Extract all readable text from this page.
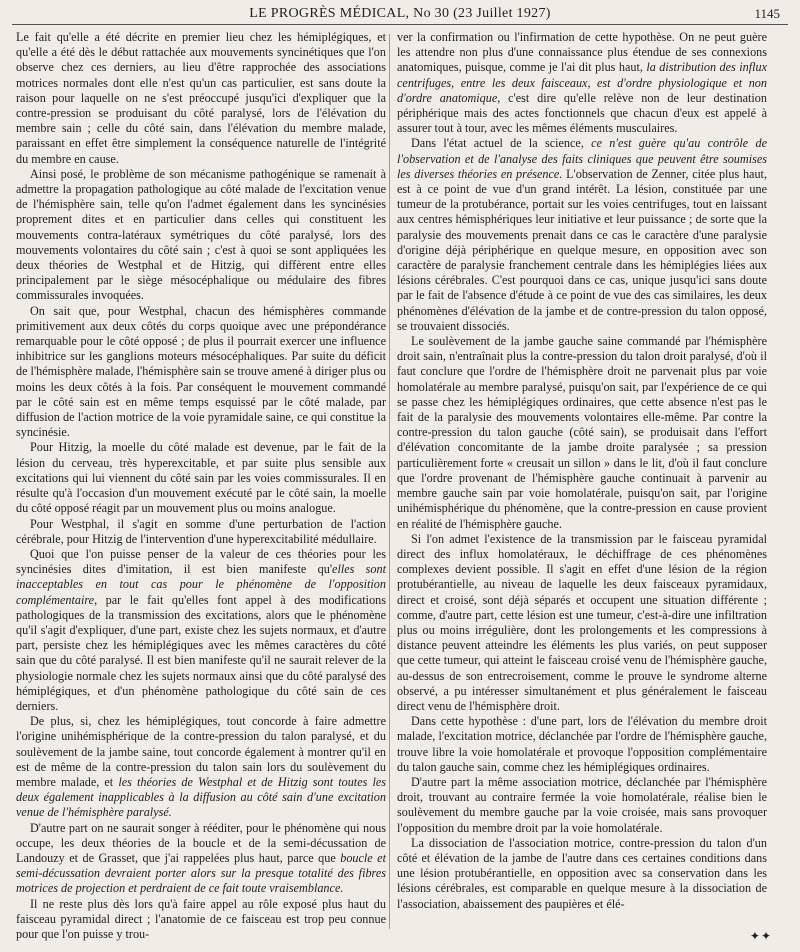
LE PROGRÈS MÉDICAL, No 30 (23 Juillet 1927)	1145

Le fait qu'elle a été décrite en premier lieu chez les hémiplégiques, et qu'elle a été dès le début rattachée aux mouvements syncinétiques que l'on observe chez ces derniers, au lieu d'être rapprochée des associations motrices normales dont elle n'est qu'un cas particulier, est sans doute la raison pour laquelle on ne s'est préoccupé jusqu'ici d'expliquer que la contre-pression se produisant du côté paralysé, lors de l'élévation du membre sain ; celle du côté sain, dans l'élévation du membre malade, paraissant en effet être simplement la conséquence naturelle de l'intégrité du membre en cause.

Ainsi posé, le problème de son mécanisme pathogénique se ramenait à admettre la propagation pathologique au côté malade de l'excitation venue de l'hémisphère sain, telle qu'on l'admet également dans les syncinésies proprement dites et en particulier dans celles qui constituent les mouvements contra-latéraux symétriques du côté paralysé, lors des mouvements volontaires du côté sain ; c'est à quoi se sont appliquées les deux théories de Westphal et de Hitzig, qui diffèrent entre elles principalement par le siège mésocéphalique ou médulaire des fibres commissurales invoquées.

On sait que, pour Westphal, chacun des hémisphères commande primitivement aux deux côtés du corps quoique avec une prépondérance remarquable pour le côté opposé ; de plus il pourrait exercer une influence inhibitrice sur les ganglions moteurs mésocéphaliques. Par suite du déficit de l'hémisphère malade, l'hémisphère sain se trouve amené à diriger plus ou moins les deux côtés à la fois. Par conséquent le mouvement commandé par le côté sain est en même temps esquissé par le côté malade, par diffusion de l'action motrice de la voie pyramidale saine, ce qui constitue la syncinésie.

Pour Hitzig, la moelle du côté malade est devenue, par le fait de la lésion du cerveau, très hyperexcitable, et par suite plus sensible aux excitations qui lui viennent du côté sain par les voies commissurales. Il en résulte qu'à l'occasion d'un mouvement exécuté par le côté sain, la moelle du côté opposé réagit par un mouvement plus ou moins analogue.

Pour Westphal, il s'agit en somme d'une perturbation de l'action cérébrale, pour Hitzig de l'intervention d'une hyperexcitabilité médullaire.

Quoi que l'on puisse penser de la valeur de ces théories pour les syncinésies dites d'imitation, il est bien manifeste qu'elles sont inacceptables en tout cas pour le phénomène de l'opposition complémentaire, par le fait qu'elles font appel à des modifications pathologiques de la transmission des excitations, alors que le phénomène qu'il s'agit d'expliquer, d'une part, existe chez les sujets normaux, et d'autre part, persiste chez les hémiplégiques avec les mêmes caractères du côté sain que du côté paralysé. Il est bien manifeste qu'il ne saurait relever de la physiologie normale chez les sujets normaux ainsi que du côté paralysé des hémiplégiques, et d'un phénomène pathologique du côté sain de ces derniers.

De plus, si, chez les hémiplégiques, tout concorde à faire admettre l'origine unihémisphérique de la contre-pression du talon paralysé, et du soulèvement de la jambe saine, tout concorde également à montrer qu'il en est de même de la contre-pression du talon sain lors du soulèvement du membre malade, et les théories de Westphal et de Hitzig sont toutes les deux également inapplicables à la diffusion au côté sain d'une excitation venue de l'hémisphère paralysé.

D'autre part on ne saurait songer à rééditer, pour le phénomène qui nous occupe, les deux théories de la boucle et de la semi-décussation de Landouzy et de Grasset, que j'ai rappelées plus haut, parce que boucle et semi-décussation devraient porter alors sur la presque totalité des fibres motrices de projection et perdraient de ce fait toute vraisemblance.

Il ne reste plus dès lors qu'à faire appel au rôle exposé plus haut du faisceau pyramidal direct ; l'anatomie de ce faisceau est trop peu connue pour que l'on puisse y trou-

ver la confirmation ou l'infirmation de cette hypothèse. On ne peut guère les attendre non plus d'une connaissance plus étendue de ses connexions anatomiques, puisque, comme je l'ai dit plus haut, la distribution des influx centrifuges, entre les deux faisceaux, est d'ordre physiologique et non d'ordre anatomique, c'est dire qu'elle relève non de leur destination périphérique mais des actes fonctionnels que chacun d'eux est appelé à assurer tout à tour, avec les mêmes éléments musculaires.

Dans l'état actuel de la science, ce n'est guère qu'au contrôle de l'observation et de l'analyse des faits cliniques que peuvent être soumises les diverses théories en présence. L'observation de Zenner, citée plus haut, est à ce point de vue d'un grand intérêt. La lésion, constituée par une tumeur de la protubérance, portait sur les voies centrifuges, tout en laissant aux centres hémisphériques leur initiative et leur puissance ; de sorte que la paralysie des mouvements prenait dans ce cas le caractère d'une paralysie d'origine déjà périphérique en quelque mesure, en opposition avec son caractère de paralysie franchement centrale dans les hémiplégies liées aux lésions cérébrales. C'est pourquoi dans ce cas, unique jusqu'ici sans doute par le fait de l'absence d'étude à ce point de vue des cas similaires, les deux phénomènes d'élévation de la jambe et de contre-pression du talon opposé, se trouvaient dissociés.

Le soulèvement de la jambe gauche saine commandé par l'hémisphère droit sain, n'entraînait plus la contre-pression du talon droit paralysé, d'où il faut conclure que l'ordre de l'hémisphère droit ne parvenait plus par voie homolatérale au membre paralysé, puisqu'on sait, par l'expérience de ce qui se passe chez les hémiplégiques ordinaires, que cette absence n'est pas le fait de la paralysie des mouvements volontaires elle-même. Par contre la contre-pression du talon gauche (côté sain), se produisait dans l'effort d'élévation concomitante de la jambe droite paralysée ; sa pression particulièrement forte « creusait un sillon » dans le lit, d'où il faut conclure que l'ordre provenant de l'hémisphère gauche continuait à parvenir au membre gauche sain par voie homolatérale, puisqu'on sait, par l'origine unihémisphérique du phénomène, que la contre-pression en cause provient en réalité de l'hémisphère gauche.

Si l'on admet l'existence de la transmission par le faisceau pyramidal direct des influx homolatéraux, le déchiffrage de ces phénomènes complexes devient possible. Il s'agit en effet d'une lésion de la région protubérantielle, au niveau de laquelle les deux faisceaux pyramidaux, direct et croisé, sont déjà séparés et occupent une situation différente ; comme, d'autre part, cette lésion est une tumeur, c'est-à-dire une infiltration plus ou moins irrégulière, dont les prolongements et les compressions à distance peuvent atteindre les éléments les plus variés, on peut supposer que cette tumeur, qui atteint le faisceau croisé venu de l'hémisphère gauche, au-dessus de son entrecroisement, comme le prouve le syndrome alterne observé, a pu intéresser simultanément et plus généralement le faisceau direct venu de l'hémisphère droit.

Dans cette hypothèse : d'une part, lors de l'élévation du membre droit malade, l'excitation motrice, déclanchée par l'ordre de l'hémisphère gauche, trouve libre la voie homolatérale et provoque l'opposition complémentaire du talon gauche sain, comme chez les hémiplégiques ordinaires.

D'autre part la même association motrice, déclanchée par l'hémisphère droit, trouvant au contraire fermée la voie homolatérale, réalise bien le soulèvement du membre gauche par la voie croisée, mais sans provoquer l'opposition du membre droit par la voie homolatérale.

La dissociation de l'association motrice, contre-pression du talon d'un côté et élévation de la jambe de l'autre dans ces certaines conditions dans une lésion protubérantielle, en opposition avec sa conservation dans les lésions cérébrales, est comparable en quelque mesure à la dissociation de l'association, abaissement des paupières et élé-

✦✦
